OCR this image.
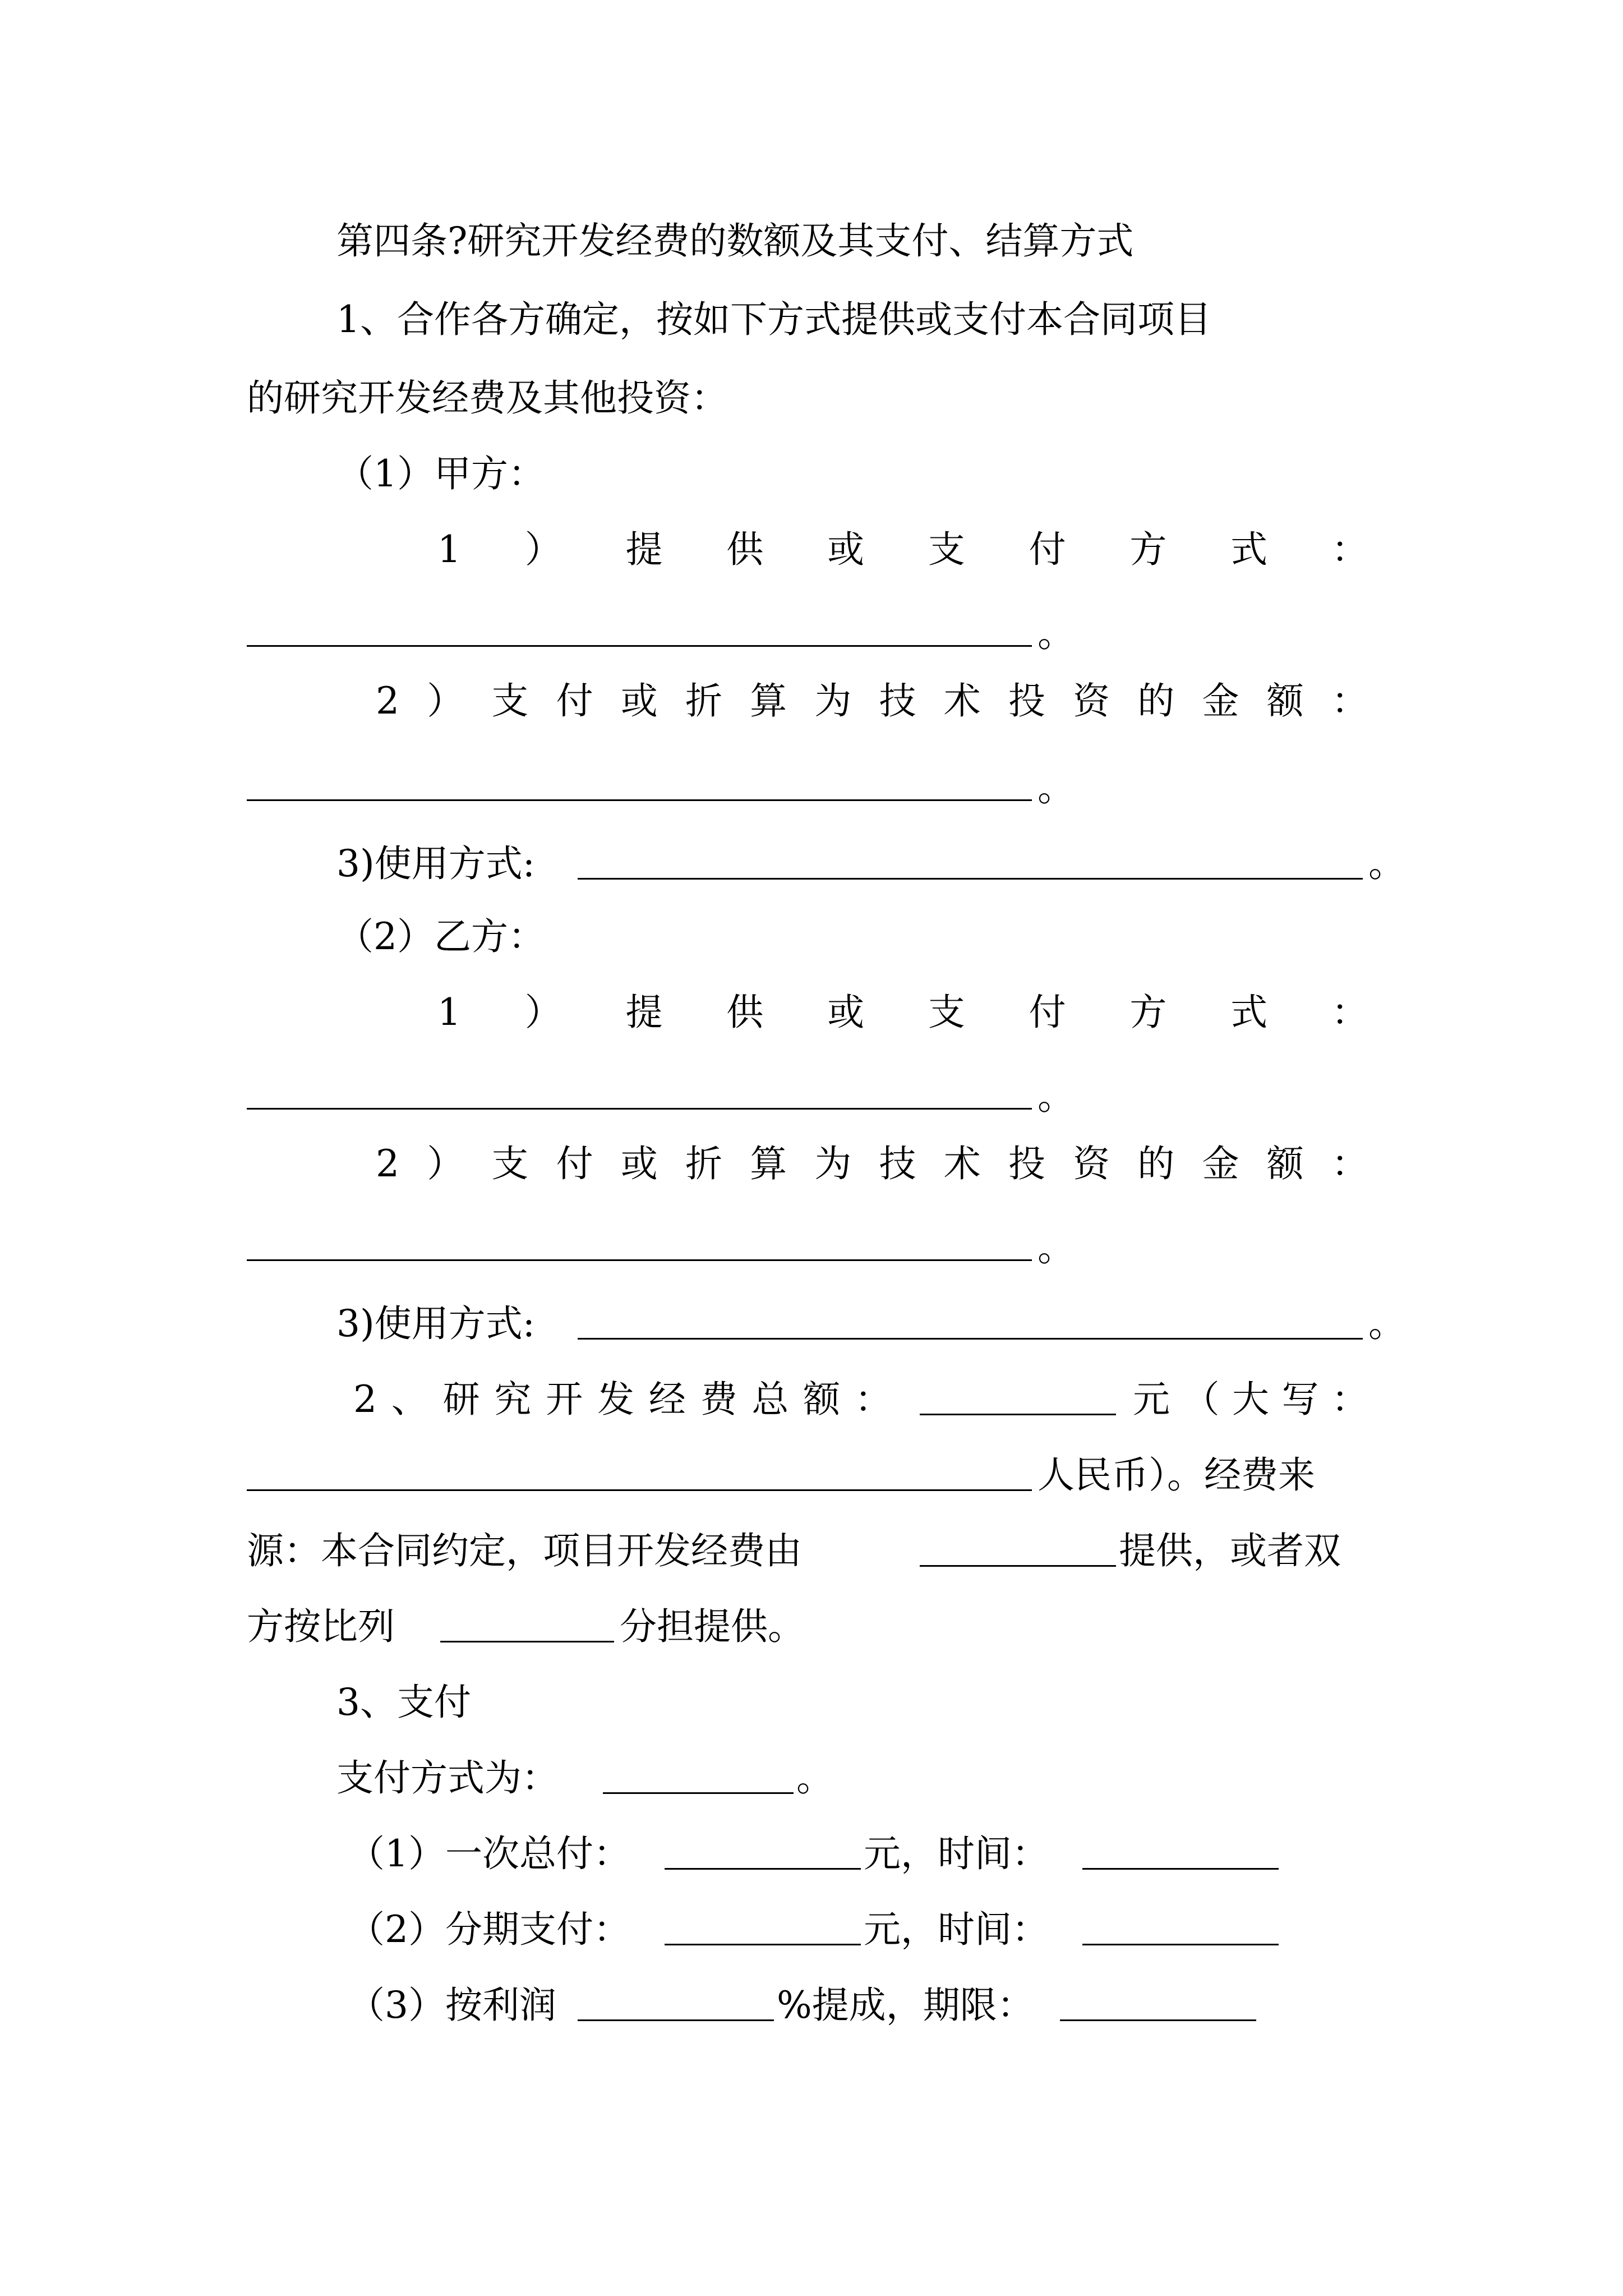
第四条?研究开发经费的数额及其支付、结算方式
1、合作各方确定，按如下方式提供或支付本合同项目
的研究开发经费及其他投资：
（1）甲方：
1 ） 提 供 或 支 付 方 式 ：
。
2 ） 支 付 或 折 算 为 技 术 投 资 的 金 额 ：
。
3)使用方式:	。
（2）乙方：
1 ） 提 供 或 支 付 方 式 ：
。
2 ） 支 付 或 折 算 为 技 术 投 资 的 金 额 ：
。
3)使用方式:	。
2 、 研 究 开 发 经 费 总 额 ：	元 （ 大 写 ：
人民币）。经费来
源：本合同约定，项目开发经费由	提供，或者双
方按比列	分担提供。
3、支付
支付方式为：	。
（1）一次总付：	元，时间：
（2）分期支付：	元，时间：
（3）按利润	%提成，期限：
